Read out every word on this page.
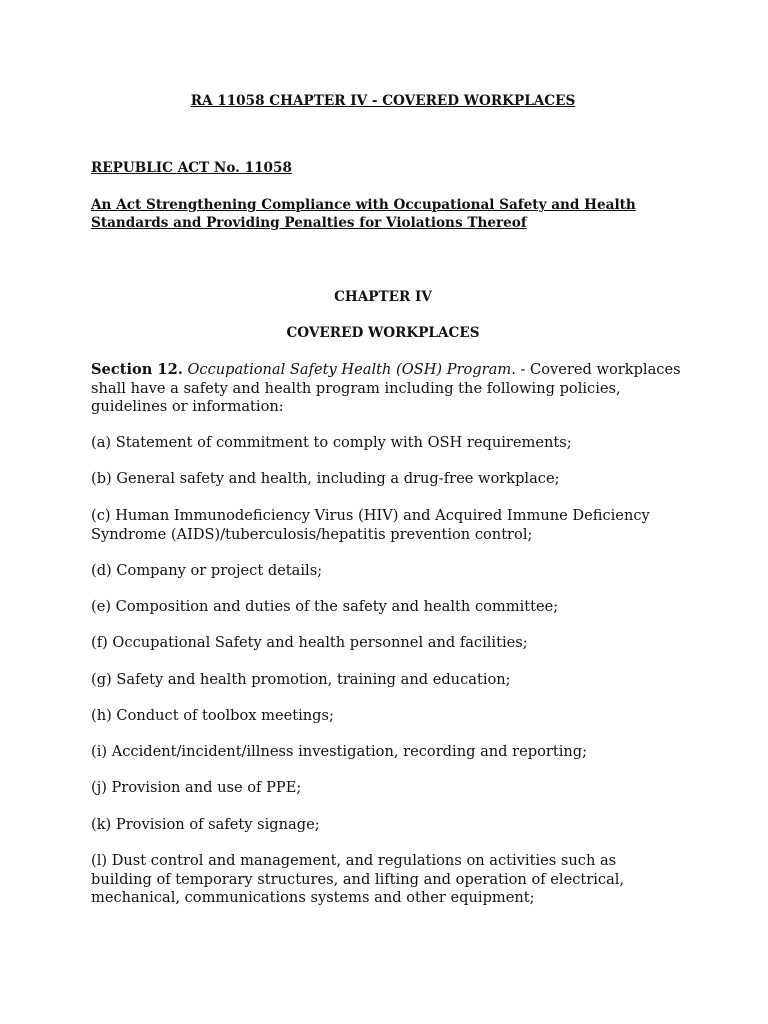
RA 11058 CHAPTER IV - COVERED WORKPLACES

REPUBLIC ACT No. 11058

An Act Strengthening Compliance with Occupational Safety and Health Standards and Providing Penalties for Violations Thereof

CHAPTER IV

COVERED WORKPLACES

Section 12. Occupational Safety Health (OSH) Program. - Covered workplaces shall have a safety and health program including the following policies, guidelines or information:

(a) Statement of commitment to comply with OSH requirements;

(b) General safety and health, including a drug-free workplace;

(c) Human Immunodeficiency Virus (HIV) and Acquired Immune Deficiency Syndrome (AIDS)/tuberculosis/hepatitis prevention control;

(d) Company or project details;

(e) Composition and duties of the safety and health committee;

(f) Occupational Safety and health personnel and facilities;

(g) Safety and health promotion, training and education;

(h) Conduct of toolbox meetings;

(i) Accident/incident/illness investigation, recording and reporting;

(j) Provision and use of PPE;

(k) Provision of safety signage;

(l) Dust control and management, and regulations on activities such as building of temporary structures, and lifting and operation of electrical, mechanical, communications systems and other equipment;
